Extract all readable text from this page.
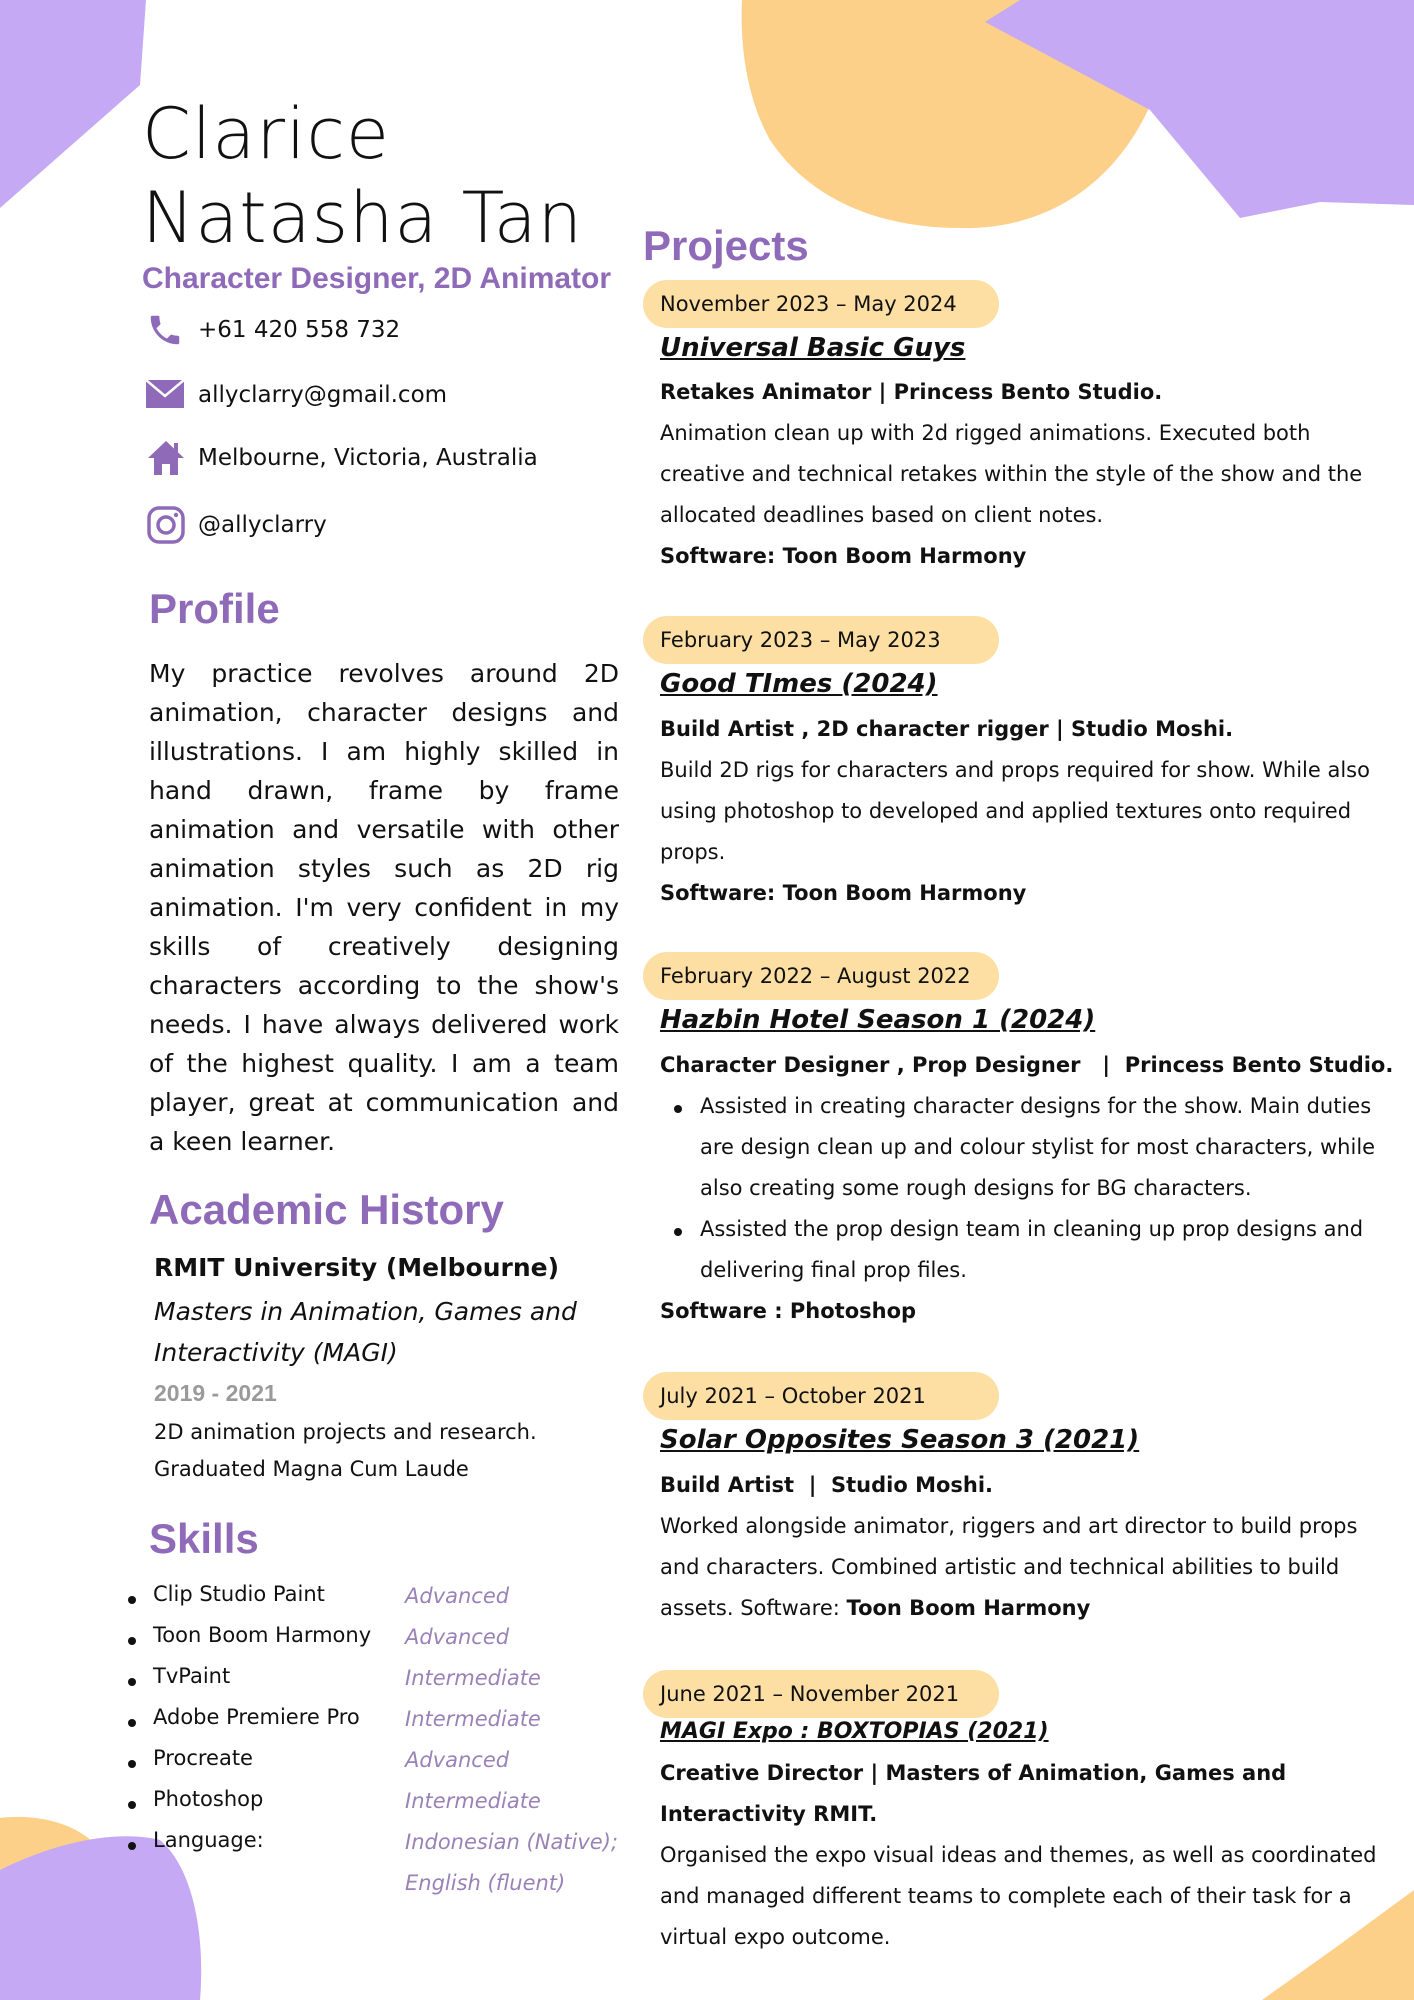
Clarice
Natasha Tan
Character Designer, 2D Animator
+61 420 558 732
allyclarry@gmail.com
Melbourne, Victoria, Australia
@allyclarry
Profile
My practice revolves around 2D animation, character designs and illustrations. I am highly skilled in hand drawn, frame by frame animation and versatile with other animation styles such as 2D rig animation. I'm very confident in my skills of creatively designing characters according to the show's needs. I have always delivered work of the highest quality. I am a team player, great at communication and a keen learner.
Academic History
RMIT University (Melbourne)
Masters in Animation, Games and Interactivity (MAGI)
2019 - 2021
2D animation projects and research.
Graduated Magna Cum Laude
Skills
Clip Studio Paint	Advanced
Toon Boom Harmony Advanced
TvPaint	Intermediate
Adobe Premiere Pro Intermediate
Procreate	Advanced
Photoshop	Intermediate
Language:	Indonesian (Native);
English (fluent)
Projects
November 2023 – May 2024
Universal Basic Guys
Retakes Animator | Princess Bento Studio.
Animation clean up with 2d rigged animations. Executed both
creative and technical retakes within the style of the show and the
allocated deadlines based on client notes.
Software: Toon Boom Harmony
February 2023 – May 2023
Good TImes (2024)
Build Artist , 2D character rigger | Studio Moshi.
Build 2D rigs for characters and props required for show. While also
using photoshop to developed and applied textures onto required
props.
Software: Toon Boom Harmony
February 2022 – August 2022
Hazbin Hotel Season 1 (2024)
Character Designer , Prop Designer   |  Princess Bento Studio.
Assisted in creating character designs for the show. Main duties
are design clean up and colour stylist for most characters, while
also creating some rough designs for BG characters.
Assisted the prop design team in cleaning up prop designs and
delivering final prop files.
Software : Photoshop
July 2021 – October 2021
Solar Opposites Season 3 (2021)
Build Artist  |  Studio Moshi.
Worked alongside animator, riggers and art director to build props
and characters. Combined artistic and technical abilities to build
assets. Software: Toon Boom Harmony
June 2021 – November 2021
MAGI Expo : BOXTOPIAS (2021)
Creative Director | Masters of Animation, Games and
Interactivity RMIT.
Organised the expo visual ideas and themes, as well as coordinated
and managed different teams to complete each of their task for a
virtual expo outcome.
